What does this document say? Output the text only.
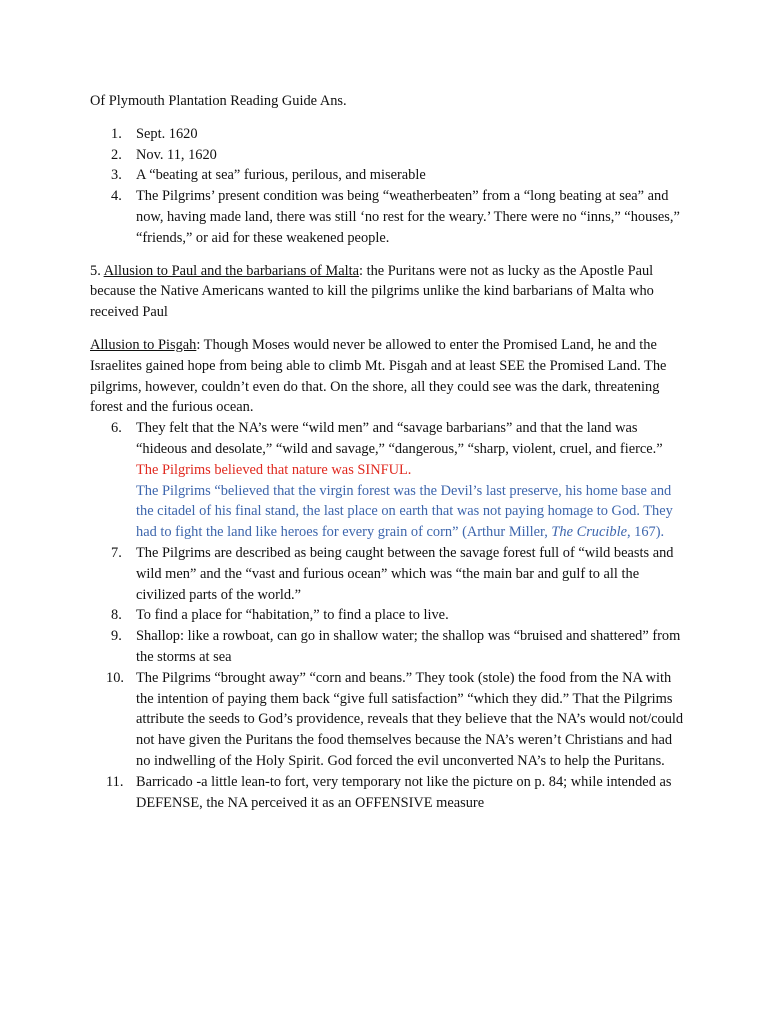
Of Plymouth Plantation Reading Guide Ans.

1. Sept. 1620
2. Nov. 11, 1620
3. A “beating at sea” furious, perilous, and miserable
4. The Pilgrims’ present condition was being “weatherbeaten” from a “long beating at sea” and now, having made land, there was still ‘no rest for the weary.’ There were no “inns,” “houses,” “friends,” or aid for these weakened people.

5. Allusion to Paul and the barbarians of Malta: the Puritans were not as lucky as the Apostle Paul because the Native Americans wanted to kill the pilgrims unlike the kind barbarians of Malta who received Paul

Allusion to Pisgah: Though Moses would never be allowed to enter the Promised Land, he and the Israelites gained hope from being able to climb Mt. Pisgah and at least SEE the Promised Land. The pilgrims, however, couldn’t even do that. On the shore, all they could see was the dark, threatening forest and the furious ocean.

6. They felt that the NA’s were “wild men” and “savage barbarians” and that the land was “hideous and desolate,” “wild and savage,” “dangerous,” “sharp, violent, cruel, and fierce.”
The Pilgrims believed that nature was SINFUL.
The Pilgrims “believed that the virgin forest was the Devil’s last preserve, his home base and the citadel of his final stand, the last place on earth that was not paying homage to God. They had to fight the land like heroes for every grain of corn” (Arthur Miller, The Crucible, 167).
7. The Pilgrims are described as being caught between the savage forest full of “wild beasts and wild men” and the “vast and furious ocean” which was “the main bar and gulf to all the civilized parts of the world.”
8. To find a place for “habitation,” to find a place to live.
9. Shallop: like a rowboat, can go in shallow water; the shallop was “bruised and shattered” from the storms at sea
10. The Pilgrims “brought away” “corn and beans.” They took (stole) the food from the NA with the intention of paying them back “give full satisfaction” “which they did.” That the Pilgrims attribute the seeds to God’s providence, reveals that they believe that the NA’s would not/could not have given the Puritans the food themselves because the NA’s weren’t Christians and had no indwelling of the Holy Spirit. God forced the evil unconverted NA’s to help the Puritans.
11. Barricado -a little lean-to fort, very temporary not like the picture on p. 84; while intended as DEFENSE, the NA perceived it as an OFFENSIVE measure
